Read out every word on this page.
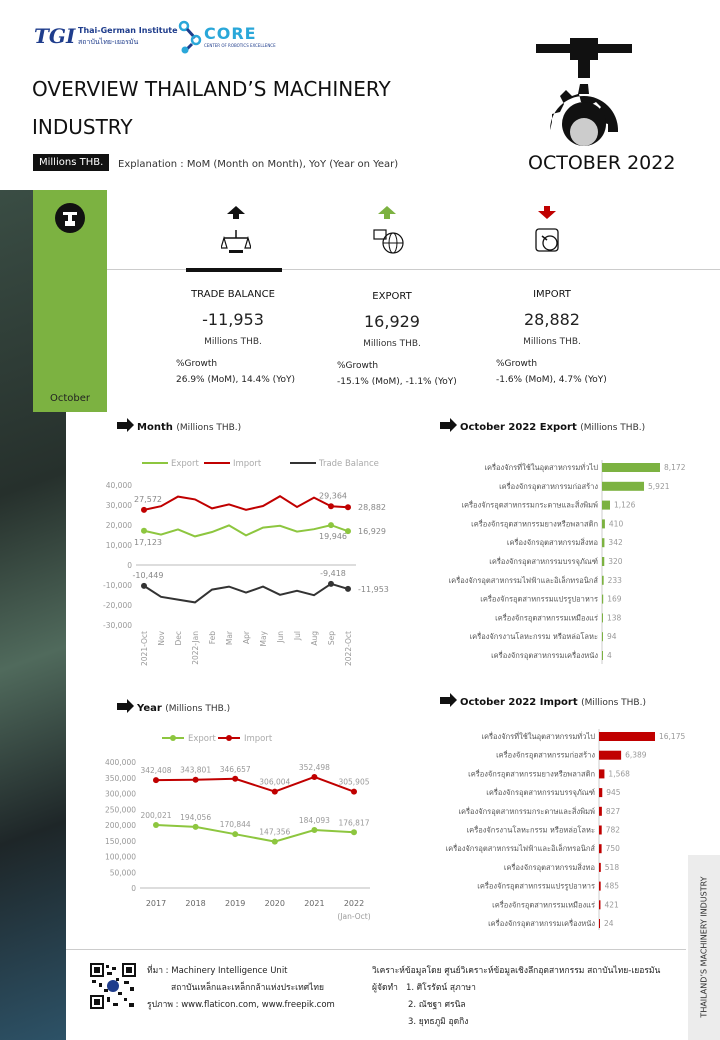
TGI Thai-German Institute
สถาบันไทย-เยอรมัน	CORE
CENTER OF ROBOTICS EXCELLENCE
OVERVIEW THAILAND’S MACHINERY INDUSTRY
Millions THB.	Explanation : MoM (Month on Month), YoY (Year on Year)	OCTOBER 2022
October
TRADE BALANCE
-11,953
Millions THB.
EXPORT
16,929
Millions THB.
IMPORT
28,882
Millions THB.
%Growth
26.9% (MoM), 14.4% (YoY)
%Growth
-15.1% (MoM), -1.1% (YoY)
%Growth
-1.6% (MoM), 4.7% (YoY)
Month (Millions THB.)	October 2022 Export (Millions THB.)
Year (Millions THB.)
October 2022 Import (Millions THB.)
Export	Import	Trade Balance
40,000
30,000
20,000
10,000
0
-10,000
-20,000
-30,000
2021-Oct Nov Dec 2022-Jan Feb Mar Apr May Jun Jul Aug Sep 2022-Oct
27,572	29,364
28,882
17,123
19,946
16,929
-10,449	-9,418
-11,953
เครื่องจักรที่ใช้ในอุตสาหกรรมทั่วไป	8,172
เครื่องจักรอุตสาหกรรมก่อสร้าง	5,921
เครื่องจักรอุตสาหกรรมกระดาษและสิ่งพิมพ์ 1,126
เครื่องจักรอุตสาหกรรมยางหรือพลาสติก 410
เครื่องจักรอุตสาหกรรมสิ่งทอ 342
เครื่องจักรอุตสาหกรรมบรรจุภัณฑ์ 320
เครื่องจักรอุตสาหกรรมไฟฟ้าและอิเล็กทรอนิกส์ 233
เครื่องจักรอุตสาหกรรมแปรรูปอาหาร 169
เครื่องจักรอุตสาหกรรมเหมืองแร่ 138
เครื่องจักรงานโลหะกรรม หรือหล่อโลหะ 94
เครื่องจักรอุตสาหกรรมเครื่องหนัง 4
Export	Import
400,000
350,000
300,000
250,000
200,000
150,000
100,000
50,000
0
2017 2018 2019 2020 2021 2022
(Jan-Oct)
200,021 194,056
170,844
147,356
184,093 176,817
342,408 343,801 346,657
306,004
352,498
305,905
เครื่องจักรที่ใช้ในอุตสาหกรรมทั่วไป	16,175
เครื่องจักรอุตสาหกรรมก่อสร้าง	6,389
เครื่องจักรอุตสาหกรรมยางหรือพลาสติก 1,568
เครื่องจักรอุตสาหกรรมบรรจุภัณฑ์ 945
เครื่องจักรอุตสาหกรรมกระดาษและสิ่งพิมพ์ 827
เครื่องจักรงานโลหะกรรม หรือหล่อโลหะ 782
เครื่องจักรอุตสาหกรรมไฟฟ้าและอิเล็กทรอนิกส์ 750
เครื่องจักรอุตสาหกรรมสิ่งทอ 518
เครื่องจักรอุตสาหกรรมแปรรูปอาหาร 485
เครื่องจักรอุตสาหกรรมเหมืองแร่ 421
เครื่องจักรอุตสาหกรรมเครื่องหนัง 24
ที่มา : Machinery Intelligence Unit
สถาบันเหล็กและเหล็กกล้าแห่งประเทศไทย
รูปภาพ : www.flaticon.com, www.freepik.com
วิเคราะห์ข้อมูลโดย ศูนย์วิเคราะห์ข้อมูลเชิงลึกอุตสาหกรรม สถาบันไทย-เยอรมัน
ผู้จัดทำ 1. ศิโรรัตน์ สุภาษา
2. ณัชฐา ศรนิล
3. ยุทธภูมิ อุดกิง
THAILAND’S MACHINERY INDUSTRY
